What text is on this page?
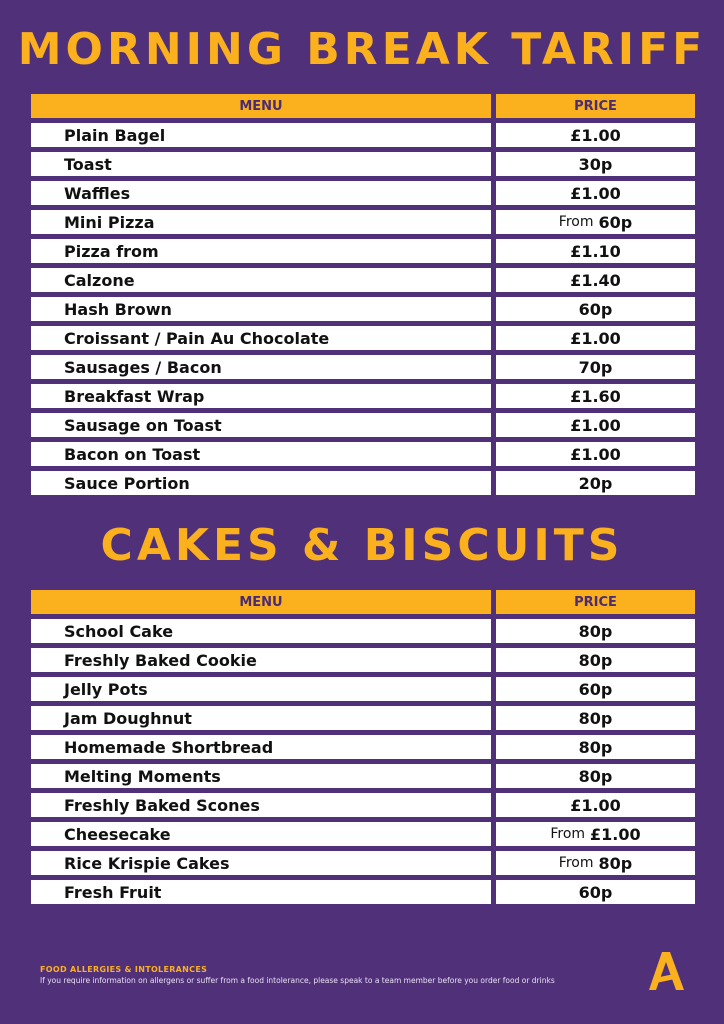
MORNING BREAK TARIFF
MENU	PRICE
Plain Bagel	£1.00
Toast	30p
Waffles	£1.00
Mini Pizza	From 60p
Pizza from	£1.10
Calzone	£1.40
Hash Brown	60p
Croissant / Pain Au Chocolate	£1.00
Sausages / Bacon	70p
Breakfast Wrap	£1.60
Sausage on Toast	£1.00
Bacon on Toast	£1.00
Sauce Portion	20p
CAKES & BISCUITS
MENU	PRICE
School Cake	80p
Freshly Baked Cookie	80p
Jelly Pots	60p
Jam Doughnut	80p
Homemade Shortbread	80p
Melting Moments	80p
Freshly Baked Scones	£1.00
Cheesecake	From £1.00
Rice Krispie Cakes	From 80p
Fresh Fruit	60p
FOOD ALLERGIES & INTOLERANCES
If you require information on allergens or suffer from a food intolerance, please speak to a team member before you order food or drinks
